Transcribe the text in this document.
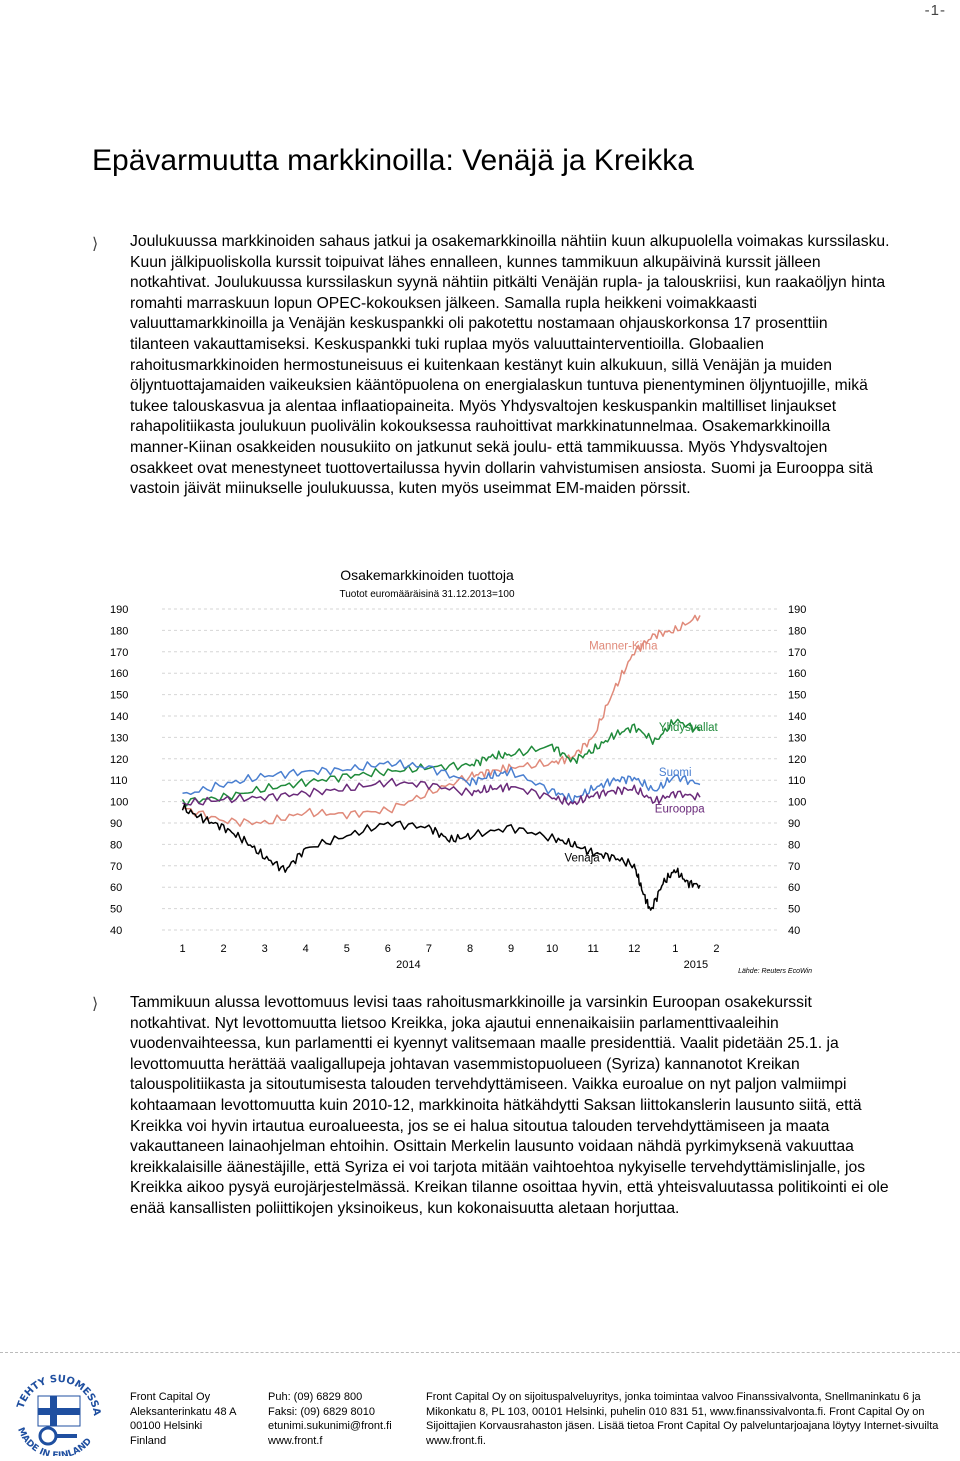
-1-
Epävarmuutta markkinoilla: Venäjä ja Kreikka
⟩ Joulukuussa markkinoiden sahaus jatkui ja osakemarkkinoilla nähtiin kuun alkupuolella voimakas kurssilasku. Kuun jälkipuoliskolla kurssit toipuivat lähes ennalleen, kunnes tammikuun alkupäivinä kurssit jälleen notkahtivat. Joulukuussa kurssilaskun syynä nähtiin pitkälti Venäjän rupla- ja talouskriisi, kun raakaöljyn hinta romahti marraskuun lopun OPEC-kokouksen jälkeen. Samalla rupla heikkeni voimakkaasti valuuttamarkkinoilla ja Venäjän keskuspankki oli pakotettu nostamaan ohjauskorkonsa 17 prosenttiin tilanteen vakauttamiseksi. Keskuspankki tuki ruplaa myös valuuttainterventioilla. Globaalien rahoitusmarkkinoiden hermostuneisuus ei kuitenkaan kestänyt kuin alkukuun, sillä Venäjän ja muiden öljyntuottajamaiden vaikeuksien kääntöpuolena on energialaskun tuntuva pienentyminen öljyntuojille, mikä tukee talouskasvua ja alentaa inflaatiopaineita. Myös Yhdysvaltojen keskuspankin maltilliset linjaukset rahapolitiikasta joulukuun puolivälin kokouksessa rauhoittivat markkinatunnelmaa. Osakemarkkinoilla manner-Kiinan osakkeiden nousukiito on jatkunut sekä joulu- että tammikuussa. Myös Yhdysvaltojen osakkeet ovat menestyneet tuottovertailussa hyvin dollarin vahvistumisen ansiosta. Suomi ja Eurooppa sitä vastoin jäivät miinukselle joulukuussa, kuten myös useimmat EM-maiden pörssit.

Osakemarkkinoiden tuottoja
Tuotot euromääräisinä 31.12.2013=100
190	190
180	180
170	170
160	160
150	150
140	140
130	130
120	120
110	110
100	100
90	90
80	80
70	70
60	60
50	50
40	40
1	2	3	4	5	6	7	8	9	10	11	12	1	2
2014	2015
Lähde: Reuters EcoWin
Manner-Kiina
Yhdysvallat
Suomi
Eurooppa
Venäjä
⟩ Tammikuun alussa levottomuus levisi taas rahoitusmarkkinoille ja varsinkin Euroopan osakekurssit notkahtivat. Nyt levottomuutta lietsoo Kreikka, joka ajautui ennenaikaisiin parlamenttivaaleihin vuodenvaihteessa, kun parlamentti ei kyennyt valitsemaan maalle presidenttiä. Vaalit pidetään 25.1. ja levottomuutta herättää vaaligallupeja johtavan vasemmistopuolueen (Syriza) kannanotot Kreikan talouspolitiikasta ja sitoutumisesta talouden tervehdyttämiseen. Vaikka euroalue on nyt paljon valmiimpi kohtaamaan levottomuutta kuin 2010-12, markkinoita hätkähdytti Saksan liittokanslerin lausunto siitä, että Kreikka voi hyvin irtautua euroalueesta, jos se ei halua sitoutua talouden tervehdyttämiseen ja maata vakauttaneen lainaohjelman ehtoihin. Osittain Merkelin lausunto voidaan nähdä pyrkimyksenä vakuuttaa kreikkalaisille äänestäjille, että Syriza ei voi tarjota mitään vaihtoehtoa nykyiselle tervehdyttämislinjalle, jos Kreikka aikoo pysyä eurojärjestelmässä. Kreikan tilanne osoittaa hyvin, että yhteisvaluutassa politikointi ei ole enää kansallisten poliittikojen yksinoikeus, kun kokonaisuutta aletaan horjuttaa.

TEHTY SUOMESSA
MADE IN FINLAND
Front Capital Oy
Aleksanterinkatu 48 A
00100 Helsinki
Finland
Puh: (09) 6829 800
Faksi: (09) 6829 8010
etunimi.sukunimi@front.fi
www.front.f
Front Capital Oy on sijoituspalveluyritys, jonka toimintaa valvoo Finanssivalvonta, Snellmaninkatu 6 ja
Mikonkatu 8, PL 103, 00101 Helsinki, puhelin 010 831 51, www.finanssivalvonta.fi. Front Capital Oy on
Sijoittajien Korvausrahaston jäsen. Lisää tietoa Front Capital Oy palveluntarjoajana löytyy Internet-sivuilta
www.front.fi.
